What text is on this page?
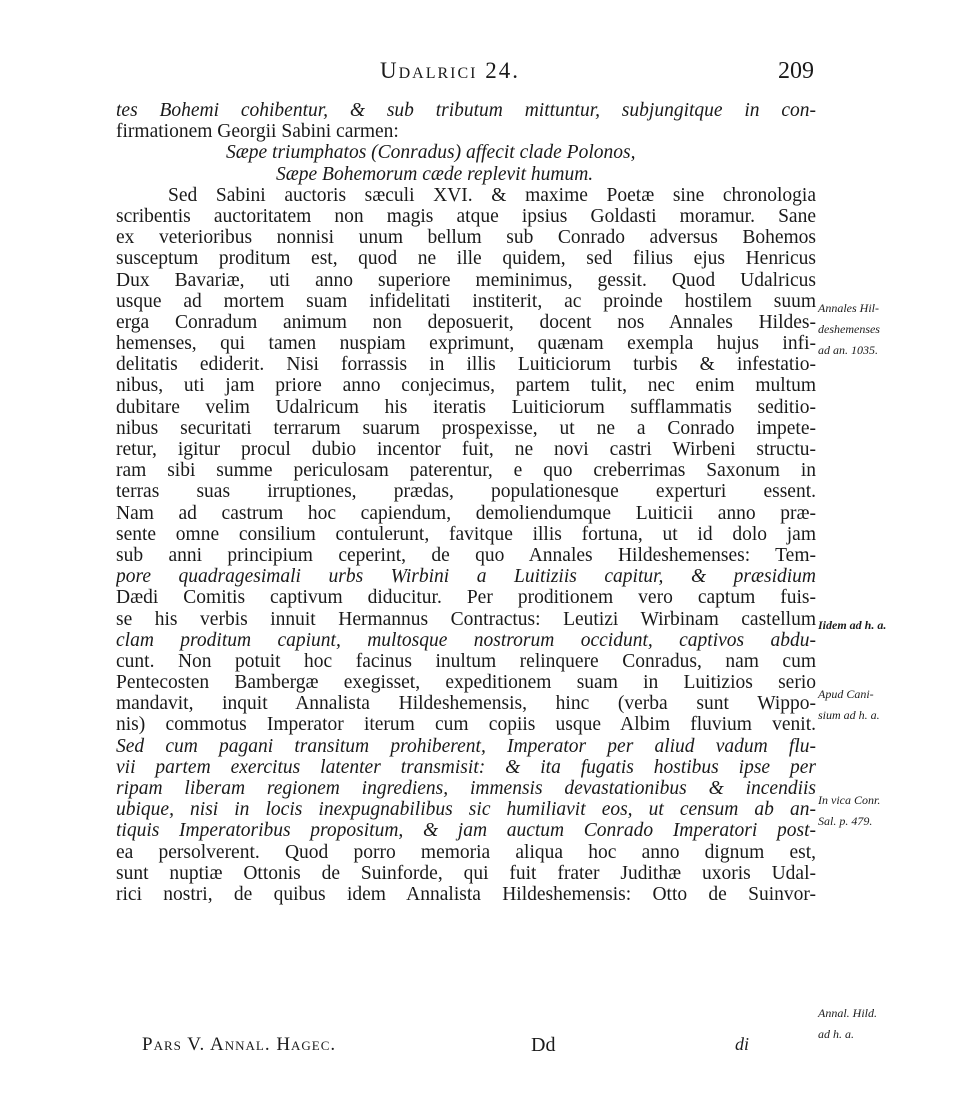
Udalrici 24.	209
tes Bohemi cohibentur, & sub tributum mittuntur, subjungitque in con-
firmationem Georgii Sabini carmen:
Sæpe triumphatos (Conradus) affecit clade Polonos,
Sæpe Bohemorum cæde replevit humum.
Sed Sabini auctoris sæculi XVI. & maxime Poetæ sine chronologia
scribentis auctoritatem non magis atque ipsius Goldasti moramur. Sane
ex veterioribus nonnisi unum bellum sub Conrado adversus Bohemos
susceptum proditum est, quod ne ille quidem, sed filius ejus Henricus
Dux Bavariæ, uti anno superiore meminimus, gessit. Quod Udalricus
usque ad mortem suam infidelitati institerit, ac proinde hostilem suum
erga Conradum animum non deposuerit, docent nos Annales Hildes-
hemenses, qui tamen nuspiam exprimunt, quænam exempla hujus infi-
delitatis ediderit. Nisi forrassis in illis Luiticiorum turbis & infestatio-
nibus, uti jam priore anno conjecimus, partem tulit, nec enim multum
dubitare velim Udalricum his iteratis Luiticiorum sufflammatis seditio-
nibus securitati terrarum suarum prospexisse, ut ne a Conrado impete-
retur, igitur procul dubio incentor fuit, ne novi castri Wirbeni structu-
ram sibi summe periculosam paterentur, e quo creberrimas Saxonum in
terras suas irruptiones, prædas, populationesque experturi essent.
Nam ad castrum hoc capiendum, demoliendumque Luiticii anno præ-
sente omne consilium contulerunt, favitque illis fortuna, ut id dolo jam
sub anni principium ceperint, de quo Annales Hildeshemenses: Tem-
pore quadragesimali urbs Wirbini a Luitiziis capitur, & præsidium
Dædi Comitis captivum diducitur. Per proditionem vero captum fuis-
se his verbis innuit Hermannus Contractus: Leutizi Wirbinam castellum
clam proditum capiunt, multosque nostrorum occidunt, captivos abdu-
cunt. Non potuit hoc facinus inultum relinquere Conradus, nam cum
Pentecosten Bambergæ exegisset, expeditionem suam in Luitizios serio
mandavit, inquit Annalista Hildeshemensis, hinc (verba sunt Wippo-
nis) commotus Imperator iterum cum copiis usque Albim fluvium venit.
Sed cum pagani transitum prohiberent, Imperator per aliud vadum flu-
vii partem exercitus latenter transmisit: & ita fugatis hostibus ipse per
ripam liberam regionem ingrediens, immensis devastationibus & incendiis
ubique, nisi in locis inexpugnabilibus sic humiliavit eos, ut censum ab an-
tiquis Imperatoribus propositum, & jam auctum Conrado Imperatori post-
ea persolverent. Quod porro memoria aliqua hoc anno dignum est,
sunt nuptiæ Ottonis de Suinforde, qui fuit frater Judithæ uxoris Udal-
rici nostri, de quibus idem Annalista Hildeshemensis: Otto de Suinvor-
Annales Hil-
deshemenses
ad an. 1035.
Iidem ad h. a.
Apud Cani-
sium ad h. a.
In vica Conr.
Sal. p. 479.
Annal. Hild.
ad h. a.
Pars V. Annal. Hagec.	Dd	di
